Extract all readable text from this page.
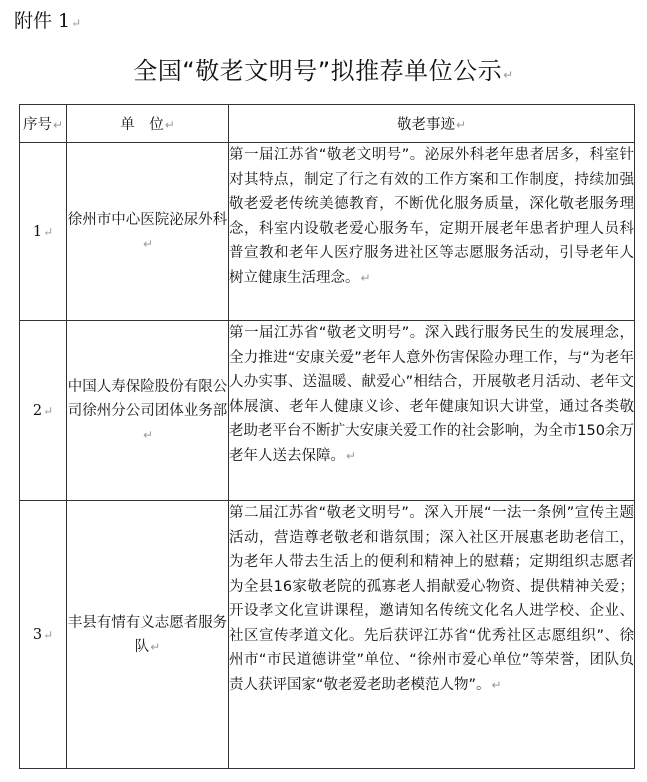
附件 1↵
全国“敬老文明号”拟推荐单位公示↵
序号↵	单　位↵	敬老事迹↵
1↵	徐州市中心医院泌尿外科↵	第一届江苏省“敬老文明号”。泌尿外科老年患者居多，科室针对其特点，制定了行之有效的工作方案和工作制度，持续加强敬老爱老传统美德教育，不断优化服务质量，深化敬老服务理念，科室内设敬老爱心服务车，定期开展老年患者护理人员科普宣教和老年人医疗服务进社区等志愿服务活动，引导老年人树立健康生活理念。↵
2↵	中国人寿保险股份有限公司徐州分公司团体业务部↵	第一届江苏省“敬老文明号”。深入践行服务民生的发展理念，全力推进“安康关爱”老年人意外伤害保险办理工作，与“为老年人办实事、送温暖、献爱心”相结合，开展敬老月活动、老年文体展演、老年人健康义诊、老年健康知识大讲堂，通过各类敬老助老平台不断扩大安康关爱工作的社会影响，为全市150余万老年人送去保障。↵
3↵	丰县有情有义志愿者服务队↵	第二届江苏省“敬老文明号”。深入开展“一法一条例”宣传主题活动，营造尊老敬老和谐氛围；深入社区开展惠老助老信工，为老年人带去生活上的便利和精神上的慰藉；定期组织志愿者为全县16家敬老院的孤寡老人捐献爱心物资、提供精神关爱；开设孝文化宣讲课程，邀请知名传统文化名人进学校、企业、社区宣传孝道文化。先后获评江苏省“优秀社区志愿组织”、徐州市“市民道德讲堂”单位、“徐州市爱心单位”等荣誉，团队负责人获评国家“敬老爱老助老模范人物”。↵
